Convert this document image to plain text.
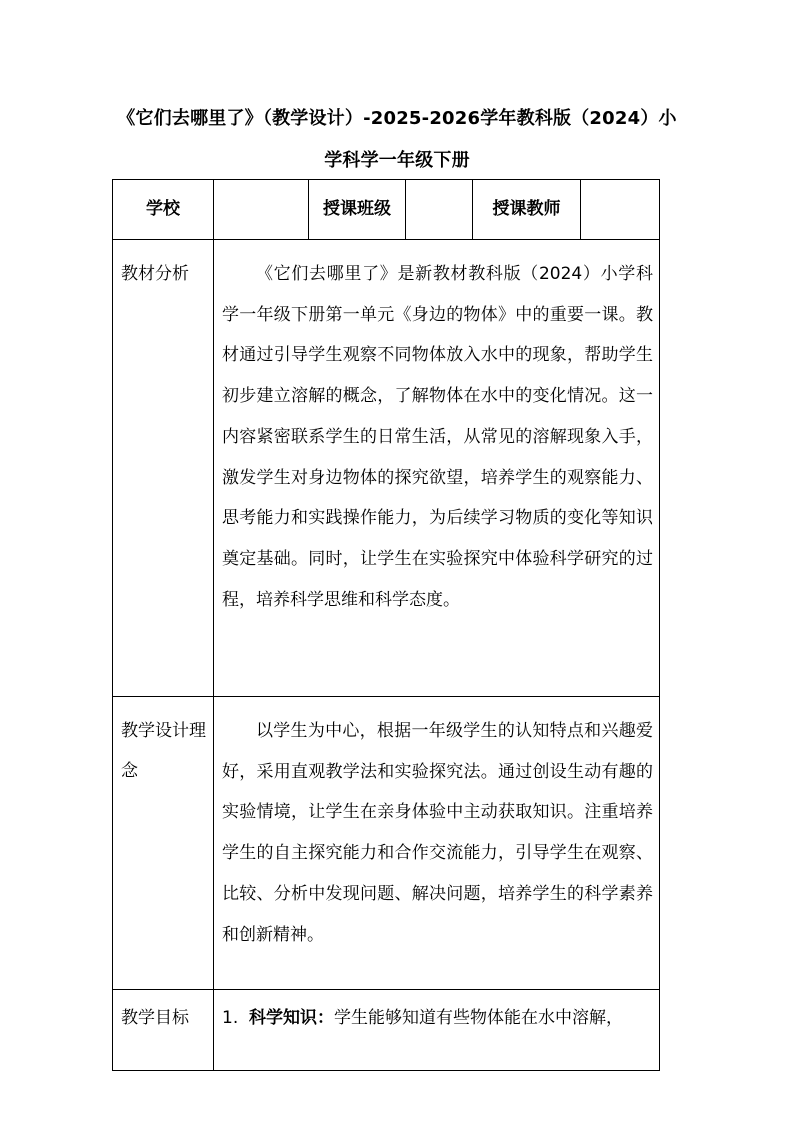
《它们去哪里了》（教学设计）-2025-2026学年教科版（2024）小学科学一年级下册
学校		授课班级		授课教师	
教材分析	《它们去哪里了》是新教材教科版（2024）小学科学一年级下册第一单元《身边的物体》中的重要一课。教材通过引导学生观察不同物体放入水中的现象，帮助学生初步建立溶解的概念，了解物体在水中的变化情况。这一内容紧密联系学生的日常生活，从常见的溶解现象入手，激发学生对身边物体的探究欲望，培养学生的观察能力、思考能力和实践操作能力，为后续学习物质的变化等知识奠定基础。同时，让学生在实验探究中体验科学研究的过程，培养科学思维和科学态度。				

教学设计理念	以学生为中心，根据一年级学生的认知特点和兴趣爱好，采用直观教学法和实验探究法。通过创设生动有趣的实验情境，让学生在亲身体验中主动获取知识。注重培养学生的自主探究能力和合作交流能力，引导学生在观察、比较、分析中发现问题、解决问题，培养学生的科学素养和创新精神。				

教学目标	1. 科学知识：学生能够知道有些物体能在水中溶解，				
